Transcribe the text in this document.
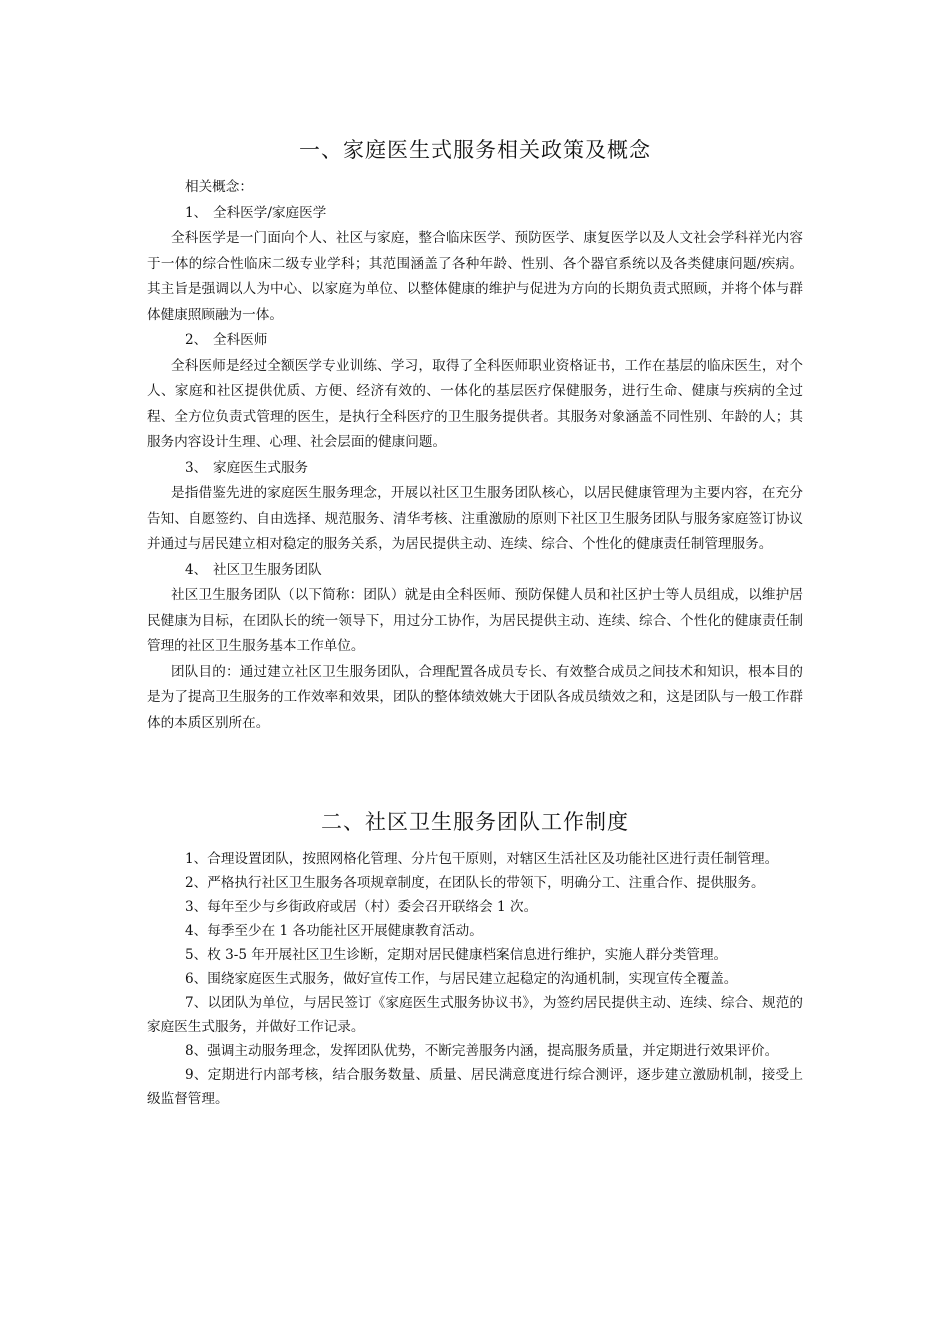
一、家庭医生式服务相关政策及概念

相关概念：

1、 全科医学/家庭医学

全科医学是一门面向个人、社区与家庭，整合临床医学、预防医学、康复医学以及人文社会学科祥光内容于一体的综合性临床二级专业学科；其范围涵盖了各种年龄、性别、各个器官系统以及各类健康问题/疾病。其主旨是强调以人为中心、以家庭为单位、以整体健康的维护与促进为方向的长期负责式照顾，并将个体与群体健康照顾融为一体。

2、 全科医师

全科医师是经过全额医学专业训练、学习，取得了全科医师职业资格证书，工作在基层的临床医生，对个人、家庭和社区提供优质、方便、经济有效的、一体化的基层医疗保健服务，进行生命、健康与疾病的全过程、全方位负责式管理的医生，是执行全科医疗的卫生服务提供者。其服务对象涵盖不同性别、年龄的人；其服务内容设计生理、心理、社会层面的健康问题。

3、 家庭医生式服务

是指借鉴先进的家庭医生服务理念，开展以社区卫生服务团队核心，以居民健康管理为主要内容，在充分告知、自愿签约、自由选择、规范服务、清华考核、注重激励的原则下社区卫生服务团队与服务家庭签订协议并通过与居民建立相对稳定的服务关系，为居民提供主动、连续、综合、个性化的健康责任制管理服务。

4、 社区卫生服务团队

社区卫生服务团队（以下简称：团队）就是由全科医师、预防保健人员和社区护士等人员组成，以维护居民健康为目标，在团队长的统一领导下，用过分工协作，为居民提供主动、连续、综合、个性化的健康责任制管理的社区卫生服务基本工作单位。

团队目的：通过建立社区卫生服务团队，合理配置各成员专长、有效整合成员之间技术和知识，根本目的是为了提高卫生服务的工作效率和效果，团队的整体绩效姚大于团队各成员绩效之和，这是团队与一般工作群体的本质区别所在。

二、社区卫生服务团队工作制度

1、合理设置团队，按照网格化管理、分片包干原则，对辖区生活社区及功能社区进行责任制管理。

2、严格执行社区卫生服务各项规章制度，在团队长的带领下，明确分工、注重合作、提供服务。

3、每年至少与乡街政府或居（村）委会召开联络会 1 次。

4、每季至少在 1 各功能社区开展健康教育活动。

5、枚 3-5 年开展社区卫生诊断，定期对居民健康档案信息进行维护，实施人群分类管理。

6、围绕家庭医生式服务，做好宣传工作，与居民建立起稳定的沟通机制，实现宣传全覆盖。

7、以团队为单位，与居民签订《家庭医生式服务协议书》，为签约居民提供主动、连续、综合、规范的家庭医生式服务，并做好工作记录。

8、强调主动服务理念，发挥团队优势，不断完善服务内涵，提高服务质量，并定期进行效果评价。

9、定期进行内部考核，结合服务数量、质量、居民满意度进行综合测评，逐步建立激励机制，接受上级监督管理。
